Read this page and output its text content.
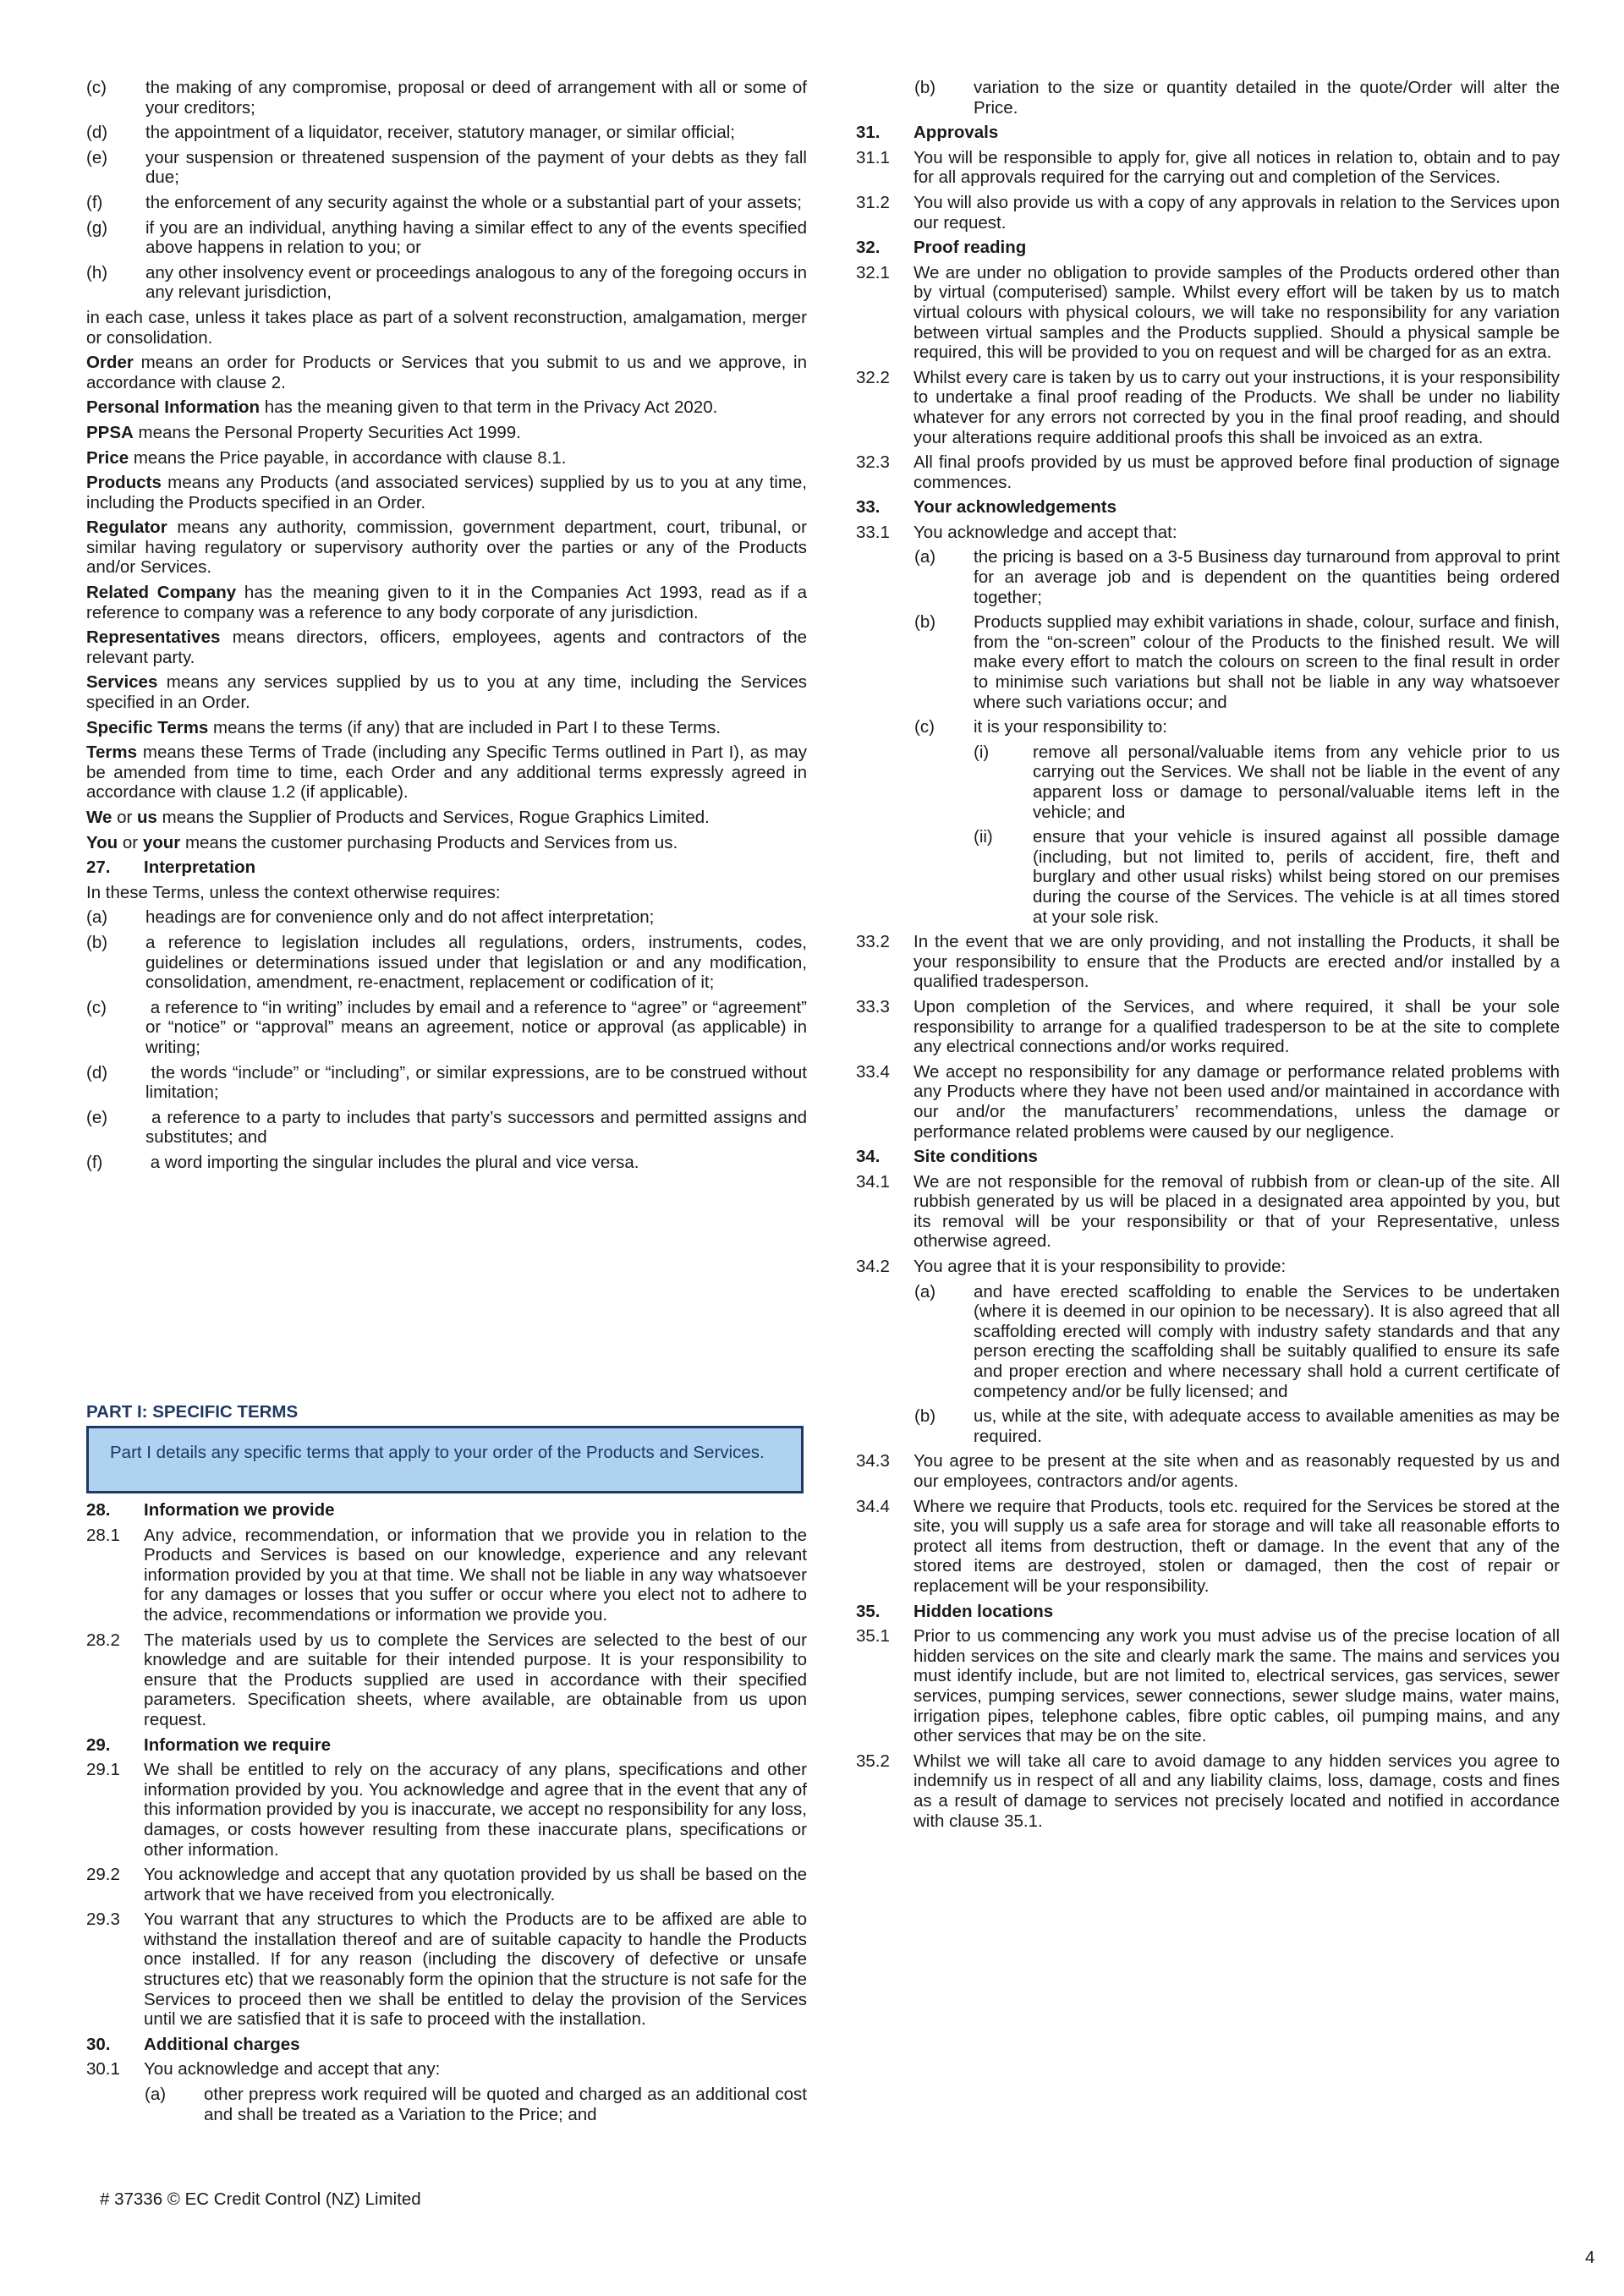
(c)	the making of any compromise, proposal or deed of arrangement with all or some of your creditors;
(d)	the appointment of a liquidator, receiver, statutory manager, or similar official;
(e)	your suspension or threatened suspension of the payment of your debts as they fall due;
(f)	the enforcement of any security against the whole or a substantial part of your assets;
(g)	if you are an individual, anything having a similar effect to any of the events specified above happens in relation to you; or
(h)	any other insolvency event or proceedings analogous to any of the foregoing occurs in any relevant jurisdiction,
in each case, unless it takes place as part of a solvent reconstruction, amalgamation, merger or consolidation.
Order means an order for Products or Services that you submit to us and we approve, in accordance with clause 2.
Personal Information has the meaning given to that term in the Privacy Act 2020.
PPSA means the Personal Property Securities Act 1999.
Price means the Price payable, in accordance with clause 8.1.
Products means any Products (and associated services) supplied by us to you at any time, including the Products specified in an Order.
Regulator means any authority, commission, government department, court, tribunal, or similar having regulatory or supervisory authority over the parties or any of the Products and/or Services.
Related Company has the meaning given to it in the Companies Act 1993, read as if a reference to company was a reference to any body corporate of any jurisdiction.
Representatives means directors, officers, employees, agents and contractors of the relevant party.
Services means any services supplied by us to you at any time, including the Services specified in an Order.
Specific Terms means the terms (if any) that are included in Part I to these Terms.
Terms means these Terms of Trade (including any Specific Terms outlined in Part I), as may be amended from time to time, each Order and any additional terms expressly agreed in accordance with clause 1.2 (if applicable).
We or us means the Supplier of Products and Services, Rogue Graphics Limited.
You or your means the customer purchasing Products and Services from us.
27.	Interpretation
In these Terms, unless the context otherwise requires:
(a)	headings are for convenience only and do not affect interpretation;
(b)	a reference to legislation includes all regulations, orders, instruments, codes, guidelines or determinations issued under that legislation or and any modification, consolidation, amendment, re-enactment, replacement or codification of it;
(c)	a reference to “in writing” includes by email and a reference to “agree” or “agreement” or “notice” or “approval” means an agreement, notice or approval (as applicable) in writing;
(d)	the words “include” or “including”, or similar expressions, are to be construed without limitation;
(e)	a reference to a party to includes that party’s successors and permitted assigns and substitutes; and
(f)	a word importing the singular includes the plural and vice versa.
PART I: SPECIFIC TERMS
Part I details any specific terms that apply to your order of the Products and Services.
28.	Information we provide
28.1	Any advice, recommendation, or information that we provide you in relation to the Products and Services is based on our knowledge, experience and any relevant information provided by you at that time. We shall not be liable in any way whatsoever for any damages or losses that you suffer or occur where you elect not to adhere to the advice, recommendations or information we provide you.
28.2	The materials used by us to complete the Services are selected to the best of our knowledge and are suitable for their intended purpose. It is your responsibility to ensure that the Products supplied are used in accordance with their specified parameters. Specification sheets, where available, are obtainable from us upon request.
29.	Information we require
29.1	We shall be entitled to rely on the accuracy of any plans, specifications and other information provided by you. You acknowledge and agree that in the event that any of this information provided by you is inaccurate, we accept no responsibility for any loss, damages, or costs however resulting from these inaccurate plans, specifications or other information.
29.2	You acknowledge and accept that any quotation provided by us shall be based on the artwork that we have received from you electronically.
29.3	You warrant that any structures to which the Products are to be affixed are able to withstand the installation thereof and are of suitable capacity to handle the Products once installed. If for any reason (including the discovery of defective or unsafe structures etc) that we reasonably form the opinion that the structure is not safe for the Services to proceed then we shall be entitled to delay the provision of the Services until we are satisfied that it is safe to proceed with the installation.
30.	Additional charges
30.1	You acknowledge and accept that any:
(a)	other prepress work required will be quoted and charged as an additional cost and shall be treated as a Variation to the Price; and
(b)	variation to the size or quantity detailed in the quote/Order will alter the Price.
31.	Approvals
31.1	You will be responsible to apply for, give all notices in relation to, obtain and to pay for all approvals required for the carrying out and completion of the Services.
31.2	You will also provide us with a copy of any approvals in relation to the Services upon our request.
32.	Proof reading
32.1	We are under no obligation to provide samples of the Products ordered other than by virtual (computerised) sample. Whilst every effort will be taken by us to match virtual colours with physical colours, we will take no responsibility for any variation between virtual samples and the Products supplied. Should a physical sample be required, this will be provided to you on request and will be charged for as an extra.
32.2	Whilst every care is taken by us to carry out your instructions, it is your responsibility to undertake a final proof reading of the Products. We shall be under no liability whatever for any errors not corrected by you in the final proof reading, and should your alterations require additional proofs this shall be invoiced as an extra.
32.3	All final proofs provided by us must be approved before final production of signage commences.
33.	Your acknowledgements
33.1	You acknowledge and accept that:
(a)	the pricing is based on a 3-5 Business day turnaround from approval to print for an average job and is dependent on the quantities being ordered together;
(b)	Products supplied may exhibit variations in shade, colour, surface and finish, from the “on-screen” colour of the Products to the finished result. We will make every effort to match the colours on screen to the final result in order to minimise such variations but shall not be liable in any way whatsoever where such variations occur; and
(c)	it is your responsibility to:
(i)	remove all personal/valuable items from any vehicle prior to us carrying out the Services. We shall not be liable in the event of any apparent loss or damage to personal/valuable items left in the vehicle; and
(ii)	ensure that your vehicle is insured against all possible damage (including, but not limited to, perils of accident, fire, theft and burglary and other usual risks) whilst being stored on our premises during the course of the Services. The vehicle is at all times stored at your sole risk.
33.2	In the event that we are only providing, and not installing the Products, it shall be your responsibility to ensure that the Products are erected and/or installed by a qualified tradesperson.
33.3	Upon completion of the Services, and where required, it shall be your sole responsibility to arrange for a qualified tradesperson to be at the site to complete any electrical connections and/or works required.
33.4	We accept no responsibility for any damage or performance related problems with any Products where they have not been used and/or maintained in accordance with our and/or the manufacturers’ recommendations, unless the damage or performance related problems were caused by our negligence.
34.	Site conditions
34.1	We are not responsible for the removal of rubbish from or clean-up of the site. All rubbish generated by us will be placed in a designated area appointed by you, but its removal will be your responsibility or that of your Representative, unless otherwise agreed.
34.2	You agree that it is your responsibility to provide:
(a)	and have erected scaffolding to enable the Services to be undertaken (where it is deemed in our opinion to be necessary). It is also agreed that all scaffolding erected will comply with industry safety standards and that any person erecting the scaffolding shall be suitably qualified to ensure its safe and proper erection and where necessary shall hold a current certificate of competency and/or be fully licensed; and
(b)	us, while at the site, with adequate access to available amenities as may be required.
34.3	You agree to be present at the site when and as reasonably requested by us and our employees, contractors and/or agents.
34.4	Where we require that Products, tools etc. required for the Services be stored at the site, you will supply us a safe area for storage and will take all reasonable efforts to protect all items from destruction, theft or damage. In the event that any of the stored items are destroyed, stolen or damaged, then the cost of repair or replacement will be your responsibility.
35.	Hidden locations
35.1	Prior to us commencing any work you must advise us of the precise location of all hidden services on the site and clearly mark the same. The mains and services you must identify include, but are not limited to, electrical services, gas services, sewer services, pumping services, sewer connections, sewer sludge mains, water mains, irrigation pipes, telephone cables, fibre optic cables, oil pumping mains, and any other services that may be on the site.
35.2	Whilst we will take all care to avoid damage to any hidden services you agree to indemnify us in respect of all and any liability claims, loss, damage, costs and fines as a result of damage to services not precisely located and notified in accordance with clause 35.1.
# 37336 © EC Credit Control (NZ) Limited
4
